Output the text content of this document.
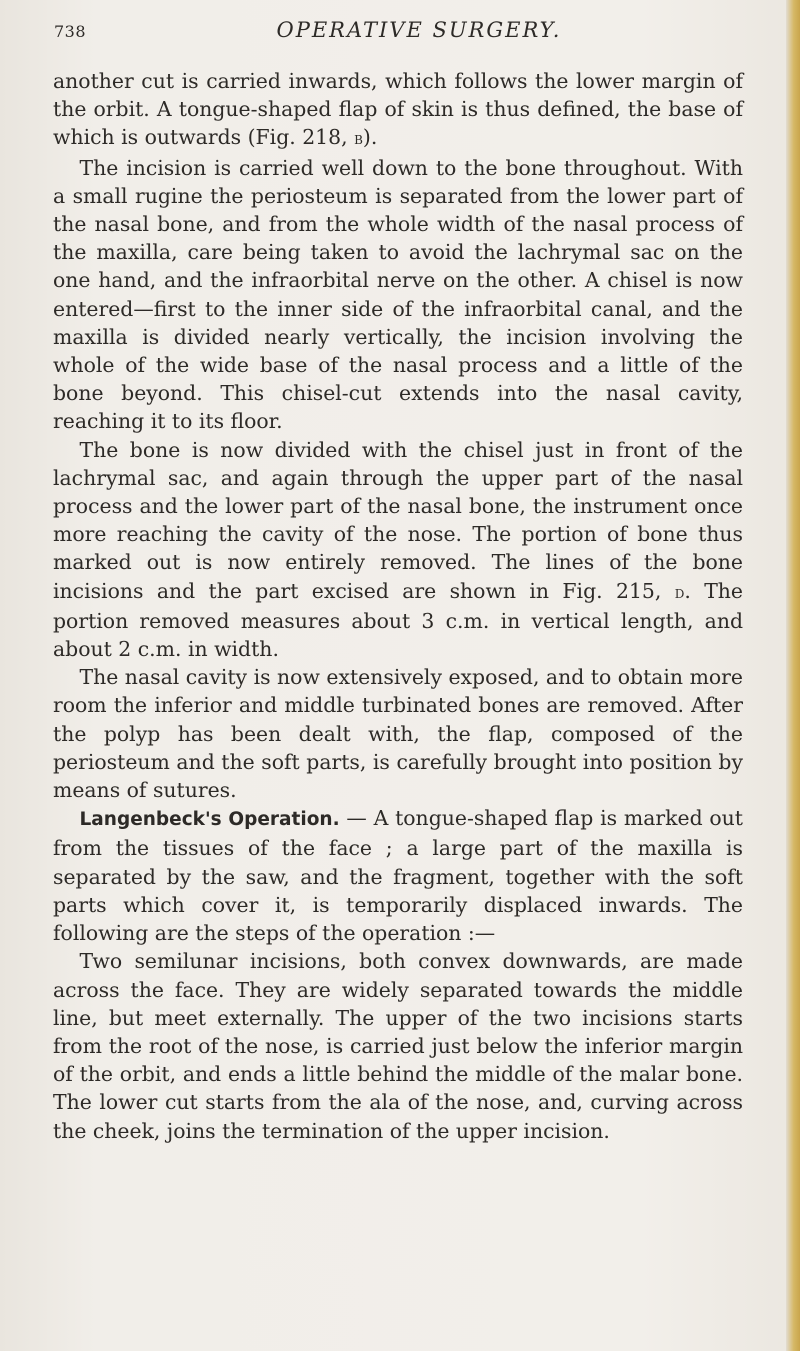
738	OPERATIVE SURGERY.

another cut is carried inwards, which follows the lower margin of the orbit. A tongue-shaped flap of skin is thus defined, the base of which is outwards (Fig. 218, b).

The incision is carried well down to the bone throughout. With a small rugine the periosteum is separated from the lower part of the nasal bone, and from the whole width of the nasal process of the maxilla, care being taken to avoid the lachrymal sac on the one hand, and the infraorbital nerve on the other. A chisel is now entered—first to the inner side of the infraorbital canal, and the maxilla is divided nearly vertically, the incision involving the whole of the wide base of the nasal process and a little of the bone beyond. This chisel-cut extends into the nasal cavity, reaching it to its floor.

The bone is now divided with the chisel just in front of the lachrymal sac, and again through the upper part of the nasal process and the lower part of the nasal bone, the instrument once more reaching the cavity of the nose. The portion of bone thus marked out is now entirely removed. The lines of the bone incisions and the part excised are shown in Fig. 215, d. The portion removed measures about 3 c.m. in vertical length, and about 2 c.m. in width.

The nasal cavity is now extensively exposed, and to obtain more room the inferior and middle turbinated bones are removed. After the polyp has been dealt with, the flap, composed of the periosteum and the soft parts, is carefully brought into position by means of sutures.

Langenbeck's Operation. — A tongue-shaped flap is marked out from the tissues of the face ; a large part of the maxilla is separated by the saw, and the fragment, together with the soft parts which cover it, is temporarily displaced inwards. The following are the steps of the operation :—

Two semilunar incisions, both convex downwards, are made across the face. They are widely separated towards the middle line, but meet externally. The upper of the two incisions starts from the root of the nose, is carried just below the inferior margin of the orbit, and ends a little behind the middle of the malar bone. The lower cut starts from the ala of the nose, and, curving across the cheek, joins the termination of the upper incision.
